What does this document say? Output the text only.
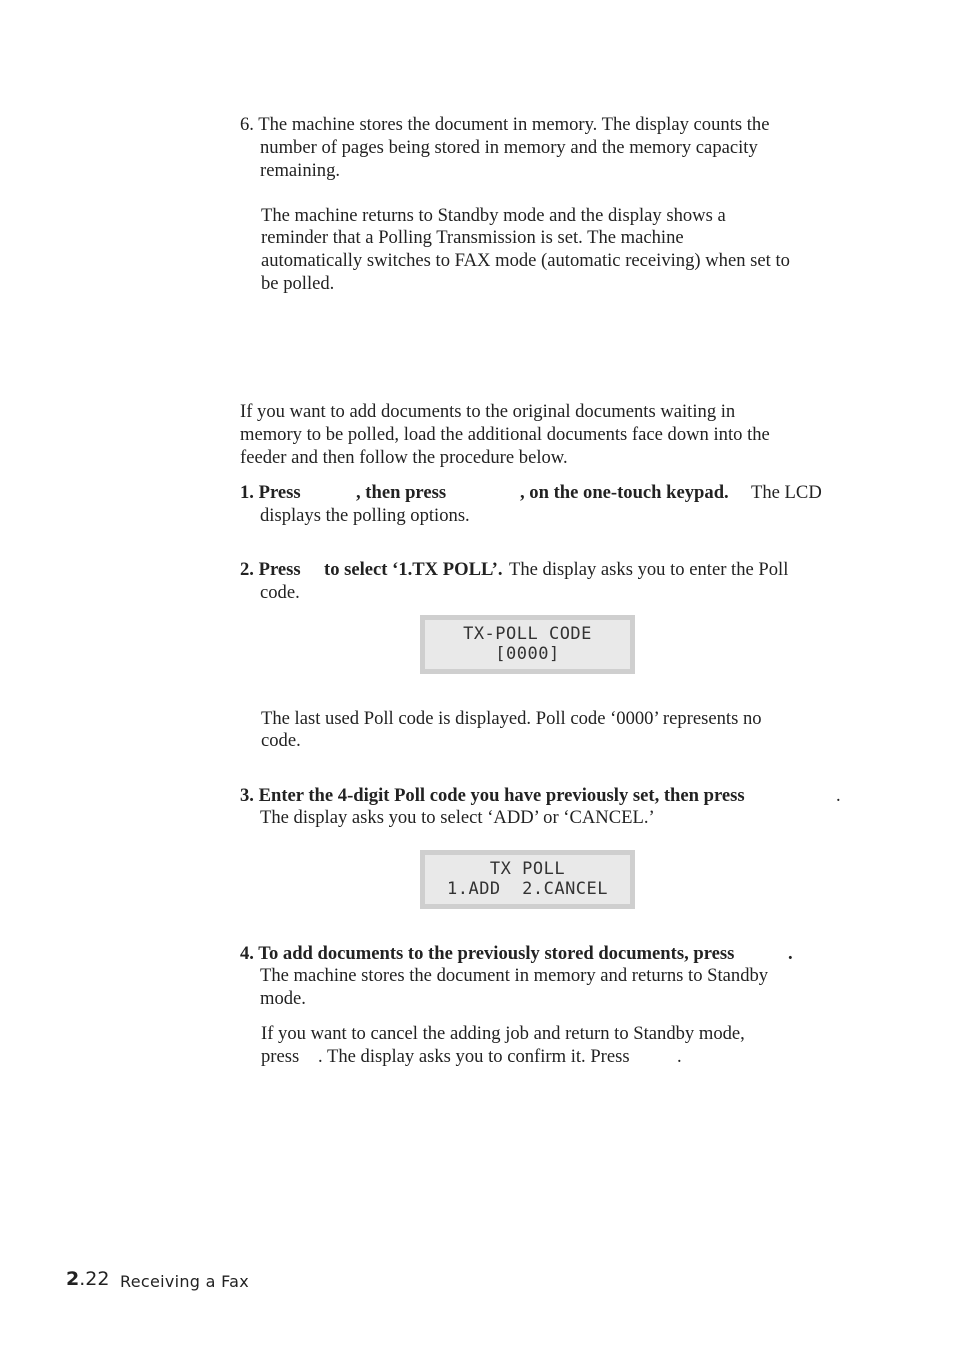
6. The machine stores the document in memory. The display counts the

number of pages being stored in memory and the memory capacity

remaining.

The machine returns to Standby mode and the display shows a

reminder that a Polling Transmission is set. The machine

automatically switches to FAX mode (automatic receiving) when set to

be polled.

If you want to add documents to the original documents waiting in

memory to be polled, load the additional documents face down into the

feeder and then follow the procedure below.

1. Press	, then press	, on the one-touch keypad. The LCD

displays the polling options.

2. Press to select ‘1.TX POLL’. The display asks you to enter the Poll

code.

TX-POLL CODE
[0000]

The last used Poll code is displayed. Poll code ‘0000’ represents no

code.

3. Enter the 4-digit Poll code you have previously set, then press	.

The display asks you to select ‘ADD’ or ‘CANCEL.’

TX POLL
1.ADD  2.CANCEL
4. To add documents to the previously stored documents, press	.

The machine stores the document in memory and returns to Standby

mode.

If you want to cancel the adding job and return to Standby mode,

press . The display asks you to confirm it. Press	.
2.22 Receiving a Fax
